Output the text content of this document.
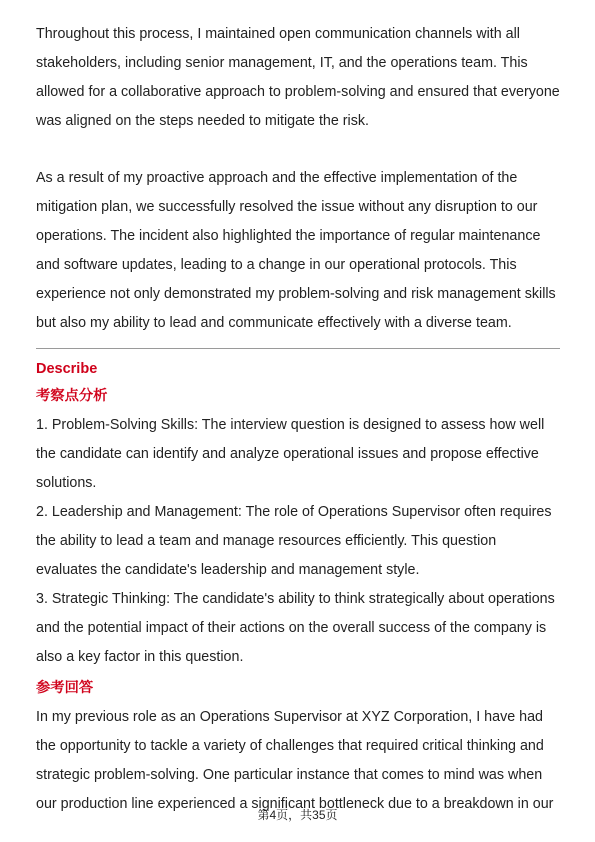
Throughout this process, I maintained open communication channels with all stakeholders, including senior management, IT, and the operations team. This allowed for a collaborative approach to problem-solving and ensured that everyone was aligned on the steps needed to mitigate the risk.

As a result of my proactive approach and the effective implementation of the mitigation plan, we successfully resolved the issue without any disruption to our operations. The incident also highlighted the importance of regular maintenance and software updates, leading to a change in our operational protocols. This experience not only demonstrated my problem-solving and risk management skills but also my ability to lead and communicate effectively with a diverse team.

Describe
考察点分析

1. Problem-Solving Skills: The interview question is designed to assess how well the candidate can identify and analyze operational issues and propose effective solutions.

2. Leadership and Management: The role of Operations Supervisor often requires the ability to lead a team and manage resources efficiently. This question evaluates the candidate's leadership and management style.

3. Strategic Thinking: The candidate's ability to think strategically about operations and the potential impact of their actions on the overall success of the company is also a key factor in this question.

参考回答

In my previous role as an Operations Supervisor at XYZ Corporation, I have had the opportunity to tackle a variety of challenges that required critical thinking and strategic problem-solving. One particular instance that comes to mind was when our production line experienced a significant bottleneck due to a breakdown in our

第4页，共35页
